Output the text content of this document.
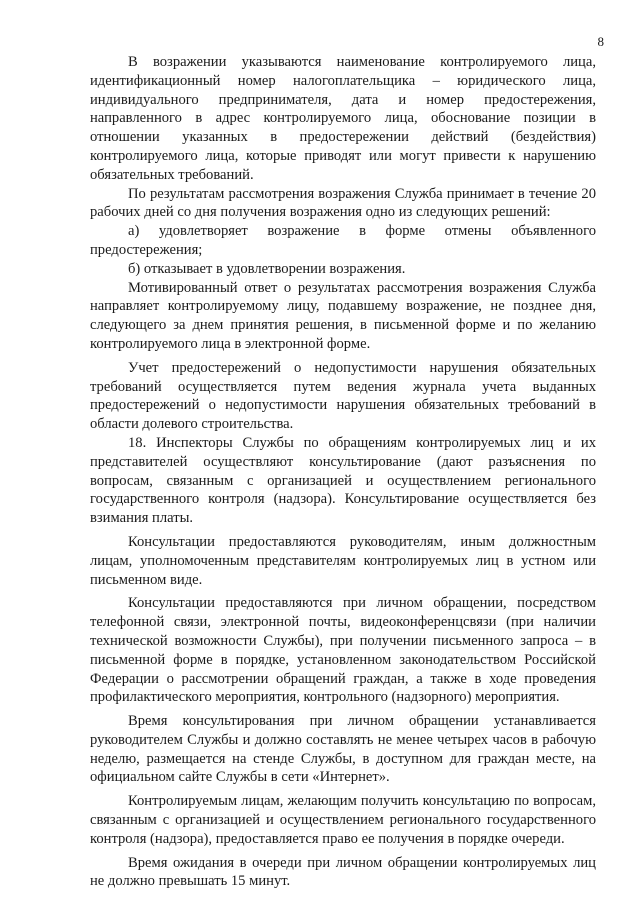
8

В возражении указываются наименование контролируемого лица, идентификационный номер налогоплательщика – юридического лица, индивидуального предпринимателя, дата и номер предостережения, направленного в адрес контролируемого лица, обоснование позиции в отношении указанных в предостережении действий (бездействия) контролируемого лица, которые приводят или могут привести к нарушению обязательных требований.

По результатам рассмотрения возражения Служба принимает в течение 20 рабочих дней со дня получения возражения одно из следующих решений:

а) удовлетворяет возражение в форме отмены объявленного предостережения;

б) отказывает в удовлетворении возражения.

Мотивированный ответ о результатах рассмотрения возражения Служба направляет контролируемому лицу, подавшему возражение, не позднее дня, следующего за днем принятия решения, в письменной форме и по желанию контролируемого лица в электронной форме.

Учет предостережений о недопустимости нарушения обязательных требований осуществляется путем ведения журнала учета выданных предостережений о недопустимости нарушения обязательных требований в области долевого строительства.

18. Инспекторы Службы по обращениям контролируемых лиц и их представителей осуществляют консультирование (дают разъяснения по вопросам, связанным с организацией и осуществлением регионального государственного контроля (надзора). Консультирование осуществляется без взимания платы.

Консультации предоставляются руководителям, иным должностным лицам, уполномоченным представителям контролируемых лиц в устном или письменном виде.

Консультации предоставляются при личном обращении, посредством телефонной связи, электронной почты, видеоконференцсвязи (при наличии технической возможности Службы), при получении письменного запроса – в письменной форме в порядке, установленном законодательством Российской Федерации о рассмотрении обращений граждан, а также в ходе проведения профилактического мероприятия, контрольного (надзорного) мероприятия.

Время консультирования при личном обращении устанавливается руководителем Службы и должно составлять не менее четырех часов в рабочую неделю, размещается на стенде Службы, в доступном для граждан месте, на официальном сайте Службы в сети «Интернет».

Контролируемым лицам, желающим получить консультацию по вопросам, связанным с организацией и осуществлением регионального государственного контроля (надзора), предоставляется право ее получения в порядке очереди.

Время ожидания в очереди при личном обращении контролируемых лиц не должно превышать 15 минут.
